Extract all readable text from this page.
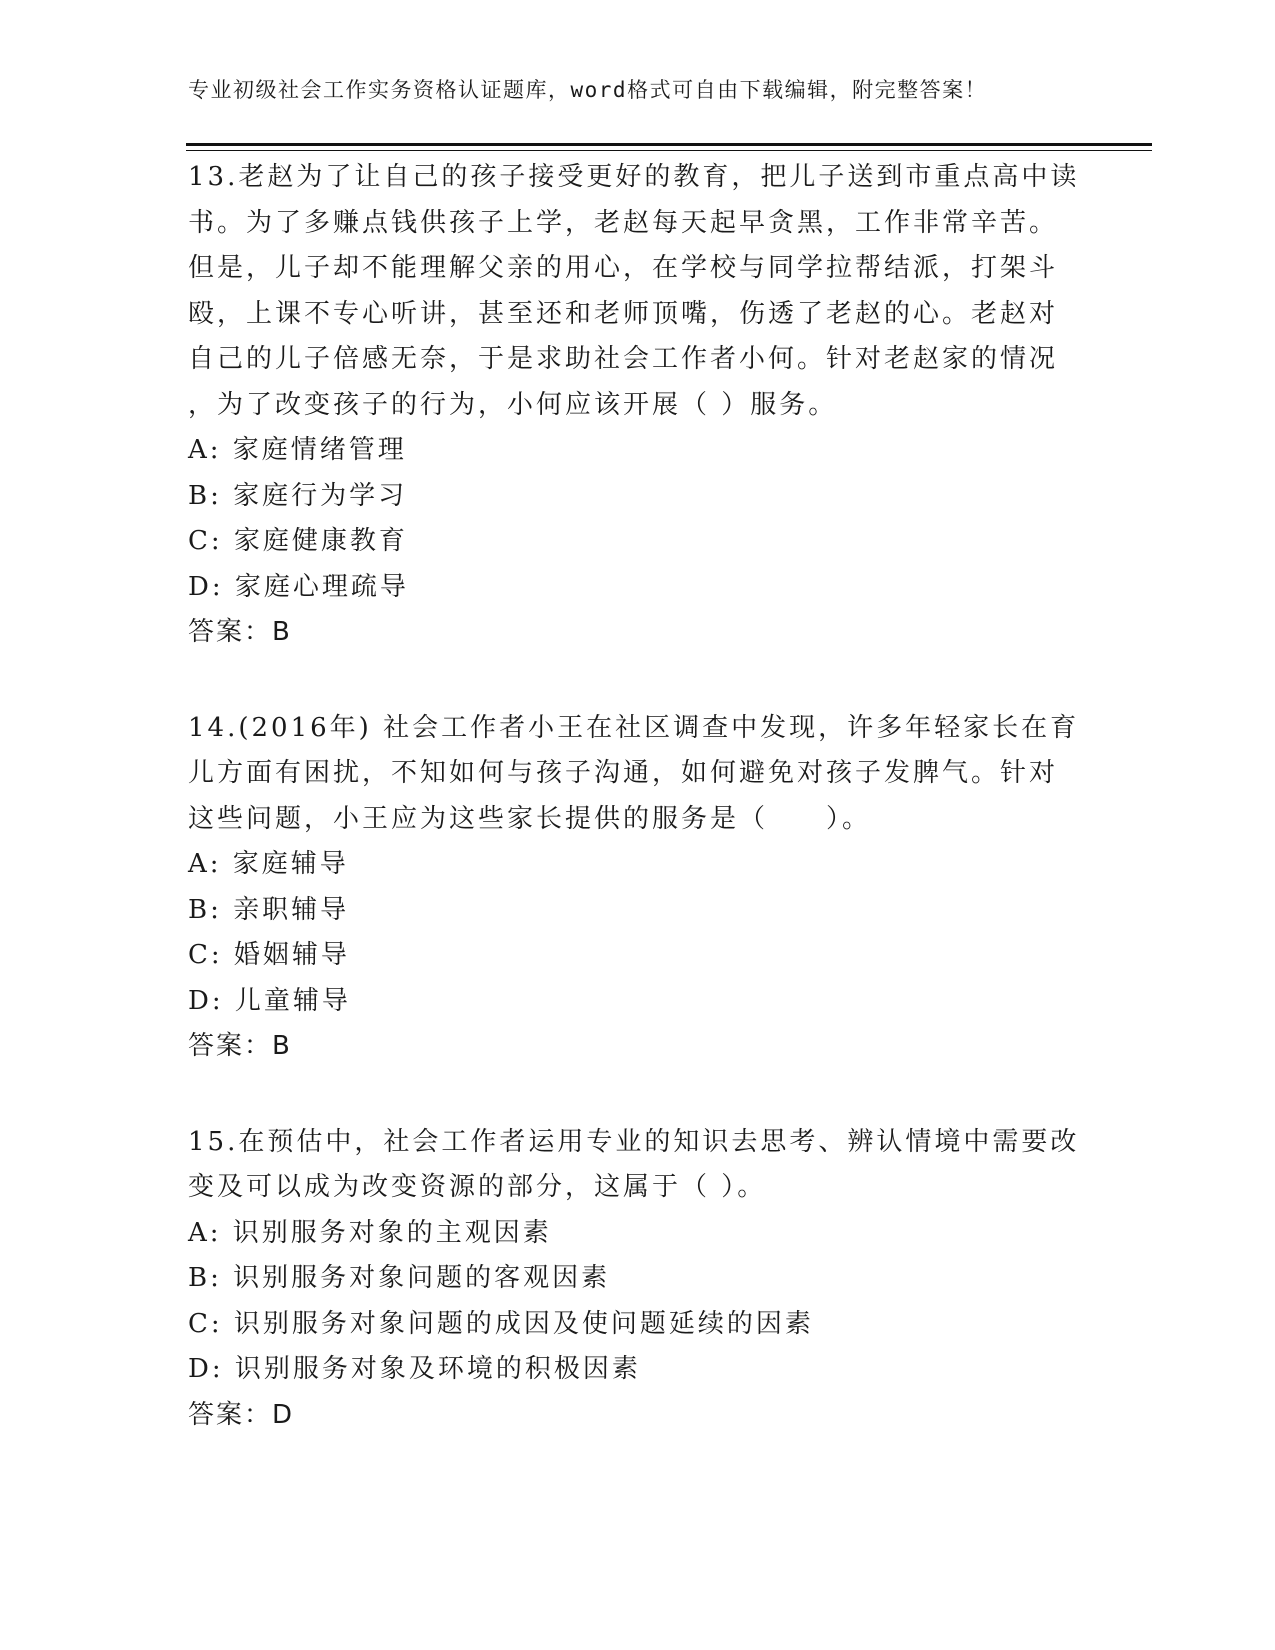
专业初级社会工作实务资格认证题库，word格式可自由下载编辑，附完整答案！
13.老赵为了让自己的孩子接受更好的教育，把儿子送到市重点高中读
书。为了多赚点钱供孩子上学，老赵每天起早贪黑，工作非常辛苦。
但是，儿子却不能理解父亲的用心，在学校与同学拉帮结派，打架斗
殴，上课不专心听讲，甚至还和老师顶嘴，伤透了老赵的心。老赵对
自己的儿子倍感无奈，于是求助社会工作者小何。针对老赵家的情况
，为了改变孩子的行为，小何应该开展（ ）服务。
A: 家庭情绪管理
B: 家庭行为学习
C: 家庭健康教育
D: 家庭心理疏导
答案：B
14.(2016年) 社会工作者小王在社区调查中发现，许多年轻家长在育
儿方面有困扰，不知如何与孩子沟通，如何避免对孩子发脾气。针对
这些问题，小王应为这些家长提供的服务是（　　）。
A: 家庭辅导
B: 亲职辅导
C: 婚姻辅导
D: 儿童辅导
答案：B
15.在预估中，社会工作者运用专业的知识去思考、辨认情境中需要改
变及可以成为改变资源的部分，这属于（ ）。
A: 识别服务对象的主观因素
B: 识别服务对象问题的客观因素
C: 识别服务对象问题的成因及使问题延续的因素
D: 识别服务对象及环境的积极因素
答案：D
